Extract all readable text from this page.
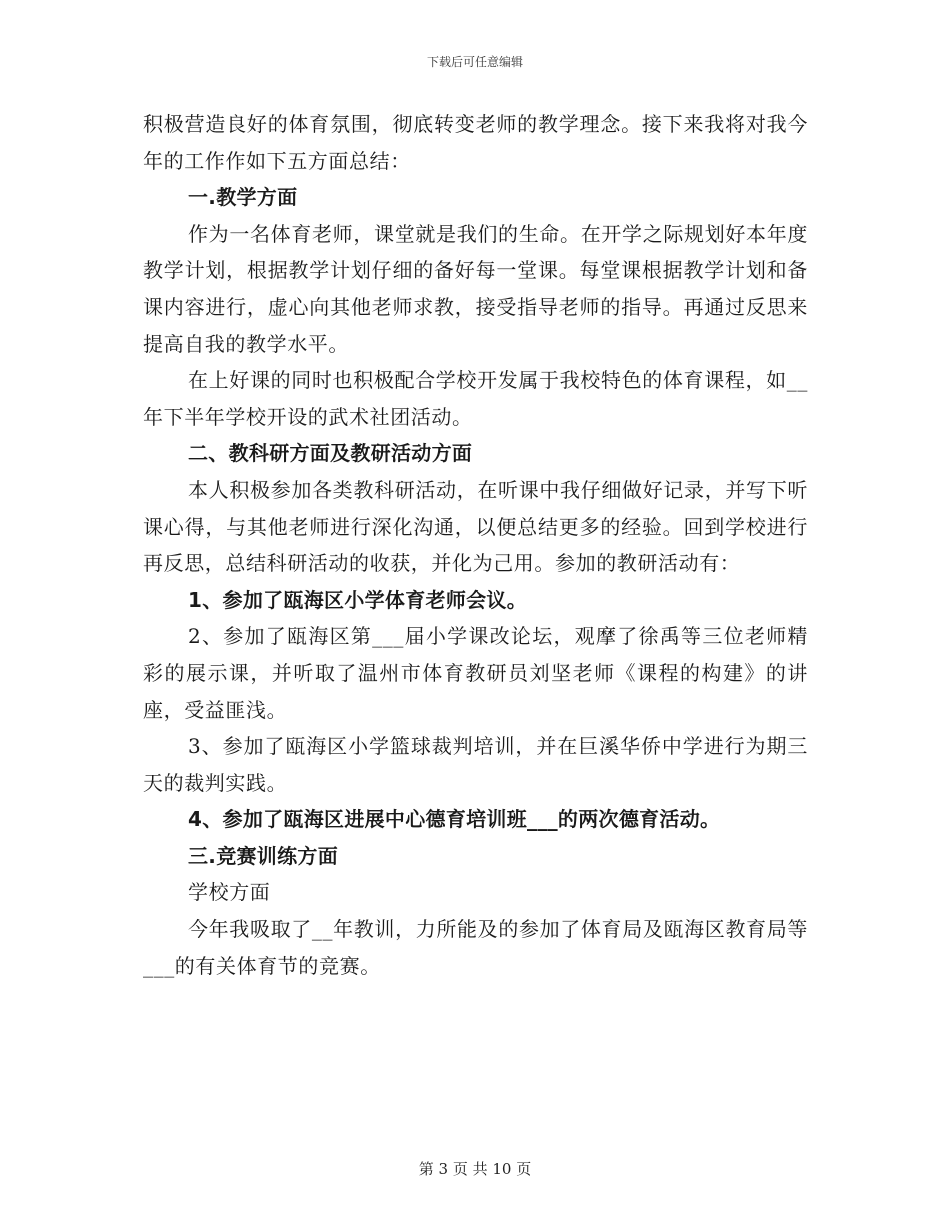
下载后可任意编辑

积极营造良好的体育氛围，彻底转变老师的教学理念。接下来我将对我今年的工作作如下五方面总结：

一.教学方面

作为一名体育老师，课堂就是我们的生命。在开学之际规划好本年度教学计划，根据教学计划仔细的备好每一堂课。每堂课根据教学计划和备课内容进行，虚心向其他老师求教，接受指导老师的指导。再通过反思来提高自我的教学水平。

在上好课的同时也积极配合学校开发属于我校特色的体育课程，如__年下半年学校开设的武术社团活动。

二、教科研方面及教研活动方面

本人积极参加各类教科研活动，在听课中我仔细做好记录，并写下听课心得，与其他老师进行深化沟通，以便总结更多的经验。回到学校进行再反思，总结科研活动的收获，并化为己用。参加的教研活动有：

1、参加了瓯海区小学体育老师会议。

2、参加了瓯海区第___届小学课改论坛，观摩了徐禹等三位老师精彩的展示课，并听取了温州市体育教研员刘坚老师《课程的构建》的讲座，受益匪浅。

3、参加了瓯海区小学篮球裁判培训，并在巨溪华侨中学进行为期三天的裁判实践。

4、参加了瓯海区进展中心德育培训班___的两次德育活动。

三.竞赛训练方面

学校方面

今年我吸取了__年教训，力所能及的参加了体育局及瓯海区教育局等___的有关体育节的竞赛。

第 3 页 共 10 页
